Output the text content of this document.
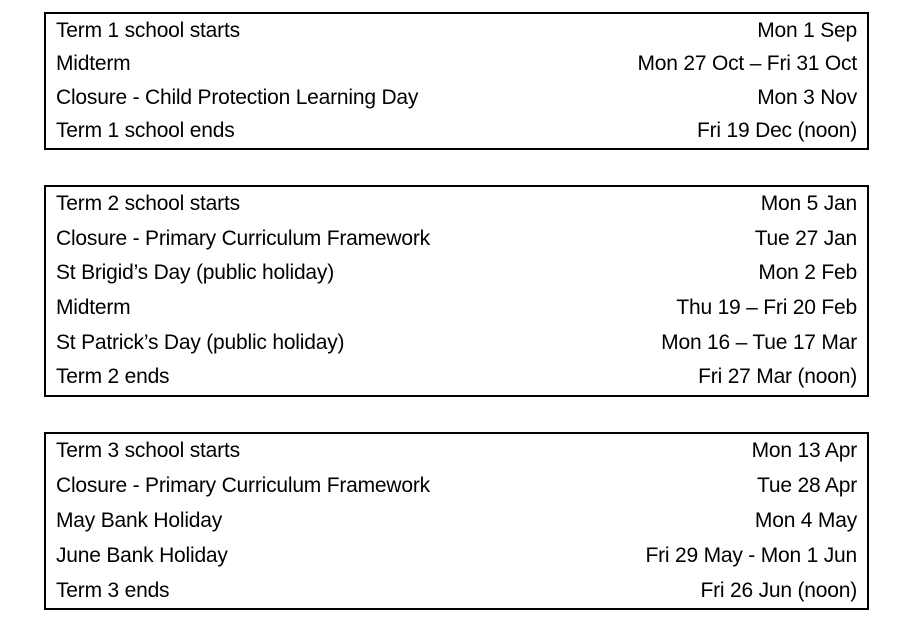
Term 1 school starts	Mon 1 Sep
Midterm	Mon 27 Oct – Fri 31 Oct
Closure - Child Protection Learning Day	Mon 3 Nov
Term 1 school ends	Fri 19 Dec (noon)
Term 2 school starts	Mon 5 Jan
Closure - Primary Curriculum Framework	Tue 27 Jan
St Brigid’s Day (public holiday)	Mon 2 Feb
Midterm	Thu 19 – Fri 20 Feb
St Patrick’s Day (public holiday)	Mon 16 – Tue 17 Mar
Term 2 ends	Fri 27 Mar (noon)
Term 3 school starts	Mon 13 Apr
Closure - Primary Curriculum Framework	Tue 28 Apr
May Bank Holiday	Mon 4 May
June Bank Holiday	Fri 29 May - Mon 1 Jun
Term 3 ends	Fri 26 Jun (noon)
